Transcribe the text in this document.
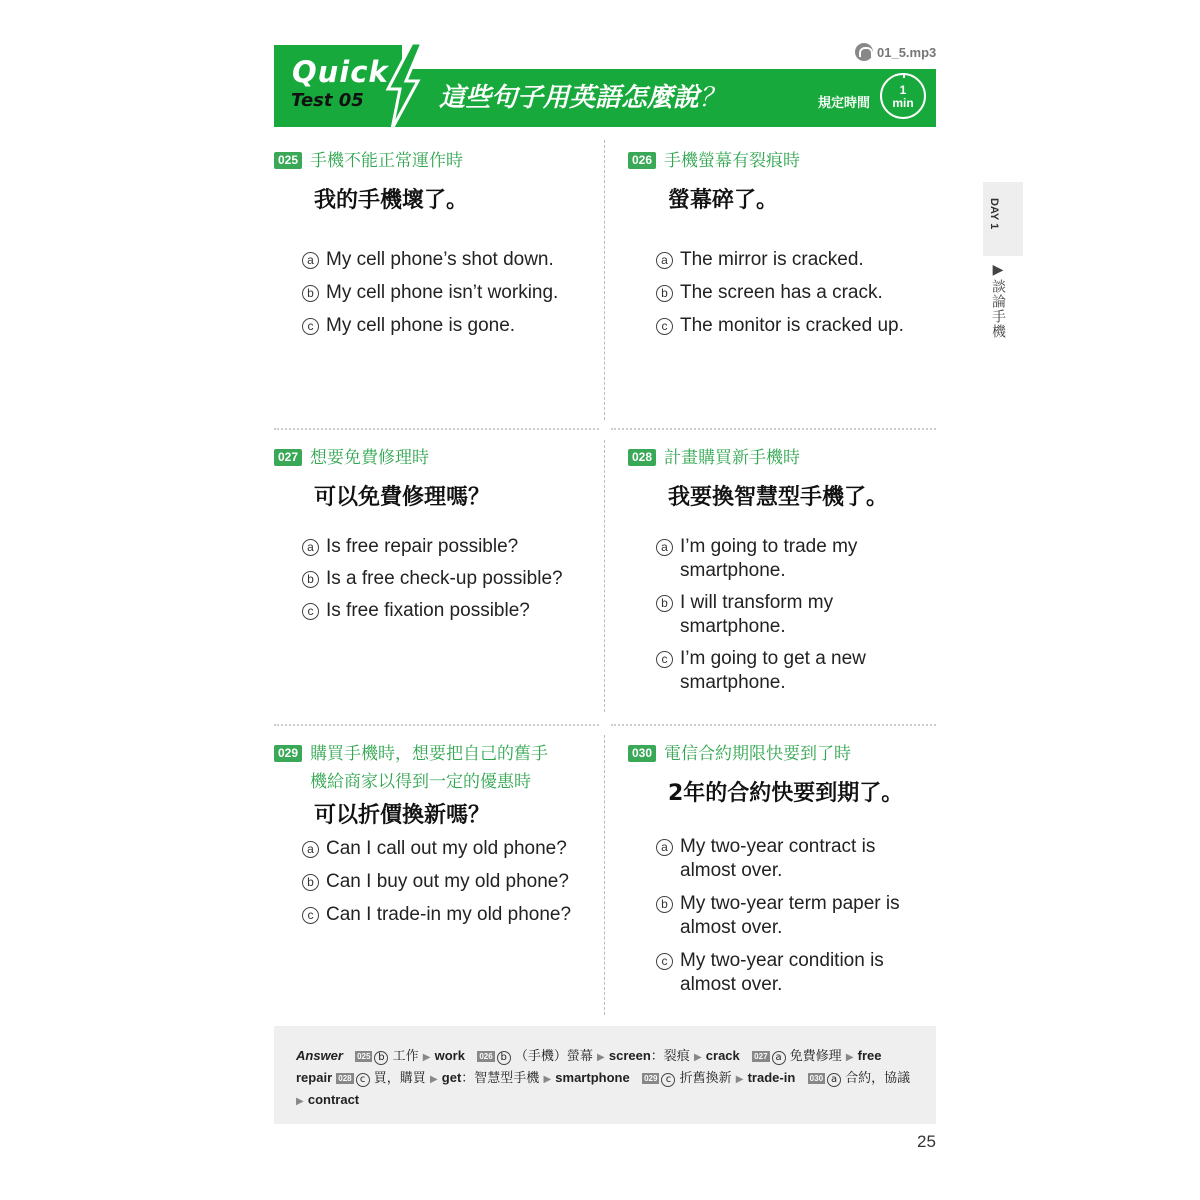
01_5.mp3
Quick
Test 05	這些句子用英語怎麼說？	規定時間
1
min
DAY 1
▶談論手機
025 手機不能正常運作時
我的手機壞了。
a My cell phone’s shot down.
b My cell phone isn’t working.
c My cell phone is gone.
026 手機螢幕有裂痕時
螢幕碎了。
a The mirror is cracked.
b The screen has a crack.
c The monitor is cracked up.
027 想要免費修理時
可以免費修理嗎？
a Is free repair possible?
b Is a free check-up possible?
c Is free fixation possible?
028 計畫購買新手機時
我要換智慧型手機了。
a I’m going to trade my
smartphone.
b I will transform my
smartphone.
c I’m going to get a new
smartphone.
029 購買手機時，想要把自己的舊手
機給商家以得到一定的優惠時
可以折價換新嗎？
a Can I call out my old phone?
b Can I buy out my old phone?
c Can I trade-in my old phone?
030 電信合約期限快要到了時
2年的合約快要到期了。
a My two-year contract is
almost over.
b My two-year term paper is
almost over.
c My two-year condition is
almost over.
Answer 025 b 工作 ▶ work 026 b （手機）螢幕 ▶ screen：裂痕 ▶ crack 027 a 免費修理 ▶ free repair 028 c 買，購買 ▶ get：智慧型手機 ▶ smartphone 029 c 折舊換新 ▶ trade-in 030 a 合約，協議 ▶ contract
25
